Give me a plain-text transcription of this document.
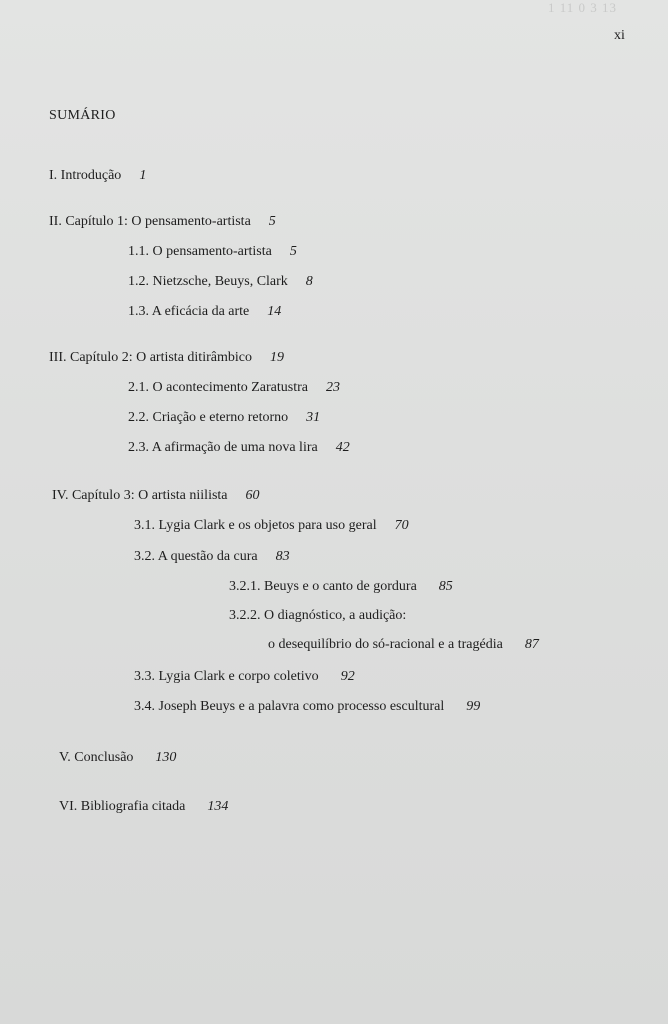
1 11 0 3 13
xi
SUMÁRIO
I. Introdução 1
II. Capítulo 1: O pensamento-artista 5
1.1. O pensamento-artista 5
1.2. Nietzsche, Beuys, Clark 8
1.3. A eficácia da arte 14
III. Capítulo 2: O artista ditirâmbico 19
2.1. O acontecimento Zaratustra 23
2.2. Criação e eterno retorno 31
2.3. A afirmação de uma nova lira 42
IV. Capítulo 3: O artista niilista 60
3.1. Lygia Clark e os objetos para uso geral 70
3.2. A questão da cura 83
3.2.1. Beuys e o canto de gordura 85
3.2.2. O diagnóstico, a audição:
o desequilíbrio do só-racional e a tragédia 87
3.3. Lygia Clark e corpo coletivo 92
3.4. Joseph Beuys e a palavra como processo escultural 99
V. Conclusão 130
VI. Bibliografia citada 134
